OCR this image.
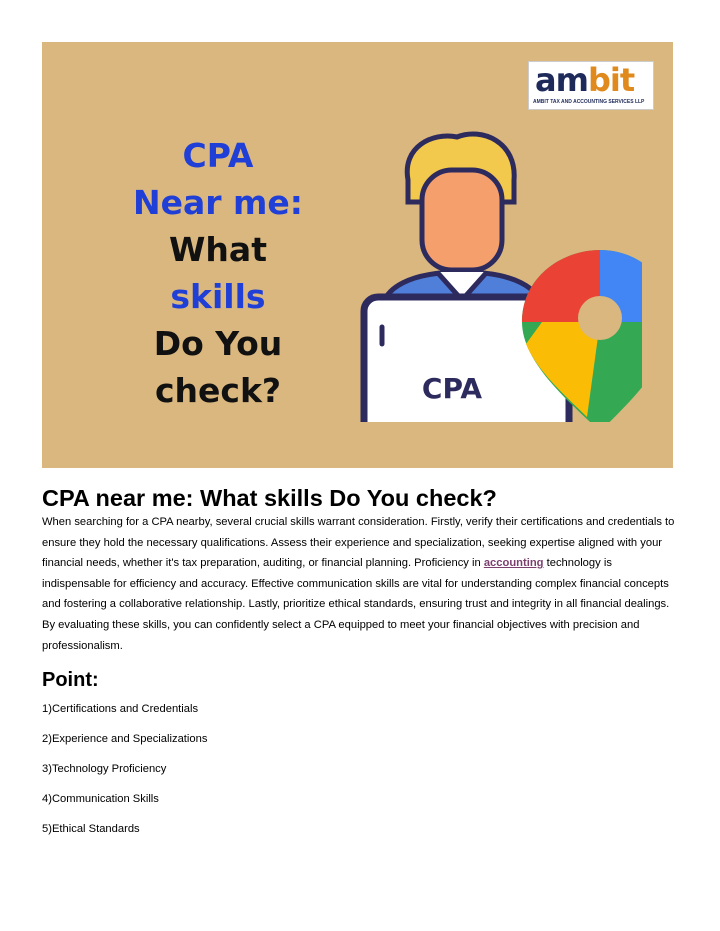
CPA
Near me:
What
skills
Do You
check?
ambit
AMBIT TAX AND ACCOUNTING SERVICES LLP
CPA
CPA near me: What skills Do You check?
When searching for a CPA nearby, several crucial skills warrant consideration. Firstly, verify their certifications and credentials to ensure they hold the necessary qualifications. Assess their experience and specialization, seeking expertise aligned with your financial needs, whether it's tax preparation, auditing, or financial planning. Proficiency in accounting technology is indispensable for efficiency and accuracy. Effective communication skills are vital for understanding complex financial concepts and fostering a collaborative relationship. Lastly, prioritize ethical standards, ensuring trust and integrity in all financial dealings. By evaluating these skills, you can confidently select a CPA equipped to meet your financial objectives with precision and professionalism.
Point:
1)Certifications and Credentials
2)Experience and Specializations
3)Technology Proficiency
4)Communication Skills
5)Ethical Standards
